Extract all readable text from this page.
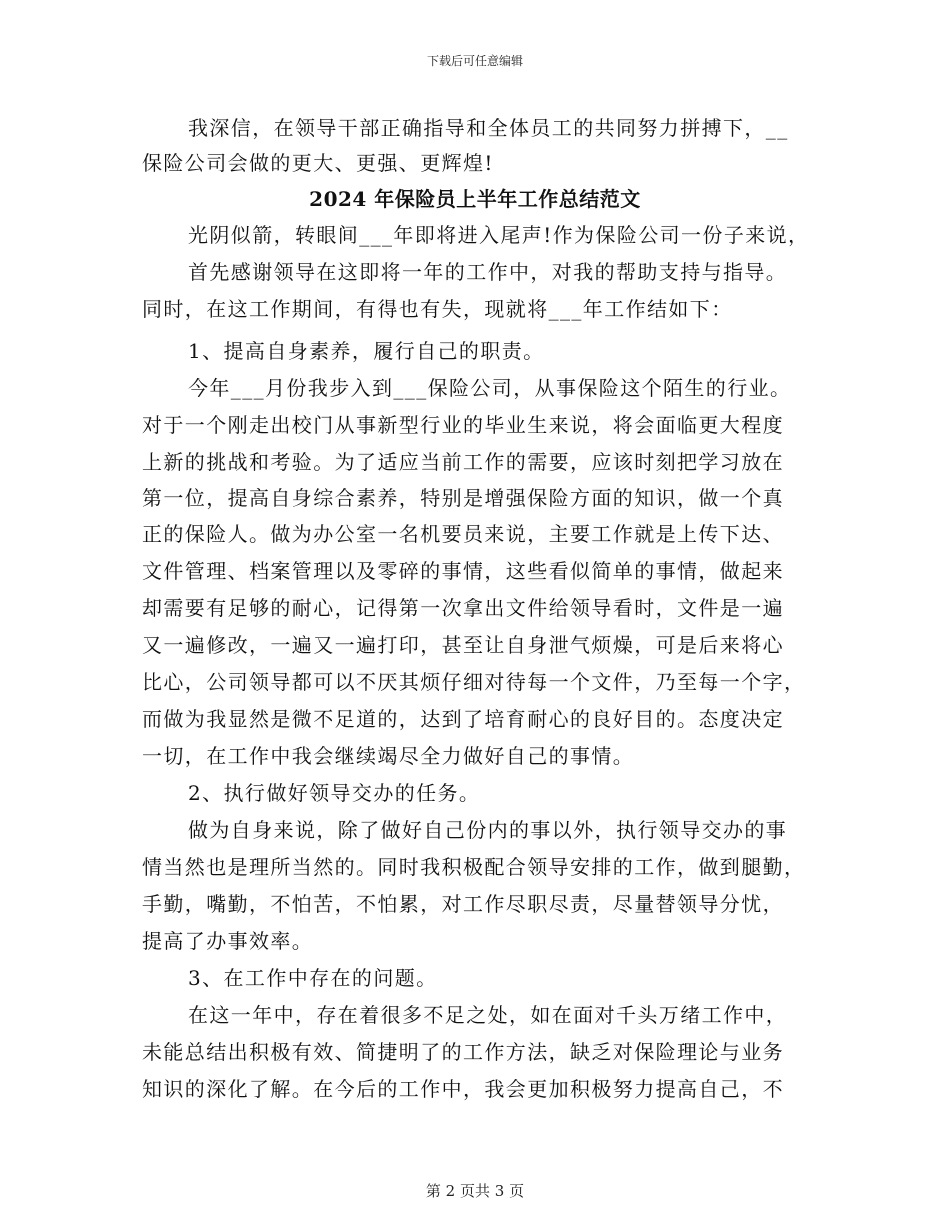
下载后可任意编辑
我深信，在领导干部正确指导和全体员工的共同努力拼搏下，__
保险公司会做的更大、更强、更辉煌!
2024 年保险员上半年工作总结范文
光阴似箭，转眼间___年即将进入尾声!作为保险公司一份子来说，
首先感谢领导在这即将一年的工作中，对我的帮助支持与指导。
同时，在这工作期间，有得也有失，现就将___年工作结如下：
1、提高自身素养，履行自己的职责。
今年___月份我步入到___保险公司，从事保险这个陌生的行业。
对于一个刚走出校门从事新型行业的毕业生来说，将会面临更大程度
上新的挑战和考验。为了适应当前工作的需要，应该时刻把学习放在
第一位，提高自身综合素养，特别是增强保险方面的知识，做一个真
正的保险人。做为办公室一名机要员来说，主要工作就是上传下达、
文件管理、档案管理以及零碎的事情，这些看似简单的事情，做起来
却需要有足够的耐心，记得第一次拿出文件给领导看时，文件是一遍
又一遍修改，一遍又一遍打印，甚至让自身泄气烦燥，可是后来将心
比心，公司领导都可以不厌其烦仔细对待每一个文件，乃至每一个字，
而做为我显然是微不足道的，达到了培育耐心的良好目的。态度决定
一切，在工作中我会继续竭尽全力做好自己的事情。
2、执行做好领导交办的任务。
做为自身来说，除了做好自己份内的事以外，执行领导交办的事
情当然也是理所当然的。同时我积极配合领导安排的工作，做到腿勤，
手勤，嘴勤，不怕苦，不怕累，对工作尽职尽责，尽量替领导分忧，
提高了办事效率。
3、在工作中存在的问题。
在这一年中，存在着很多不足之处，如在面对千头万绪工作中，
未能总结出积极有效、简捷明了的工作方法，缺乏对保险理论与业务
知识的深化了解。在今后的工作中，我会更加积极努力提高自己，不
第 2 页共 3 页
